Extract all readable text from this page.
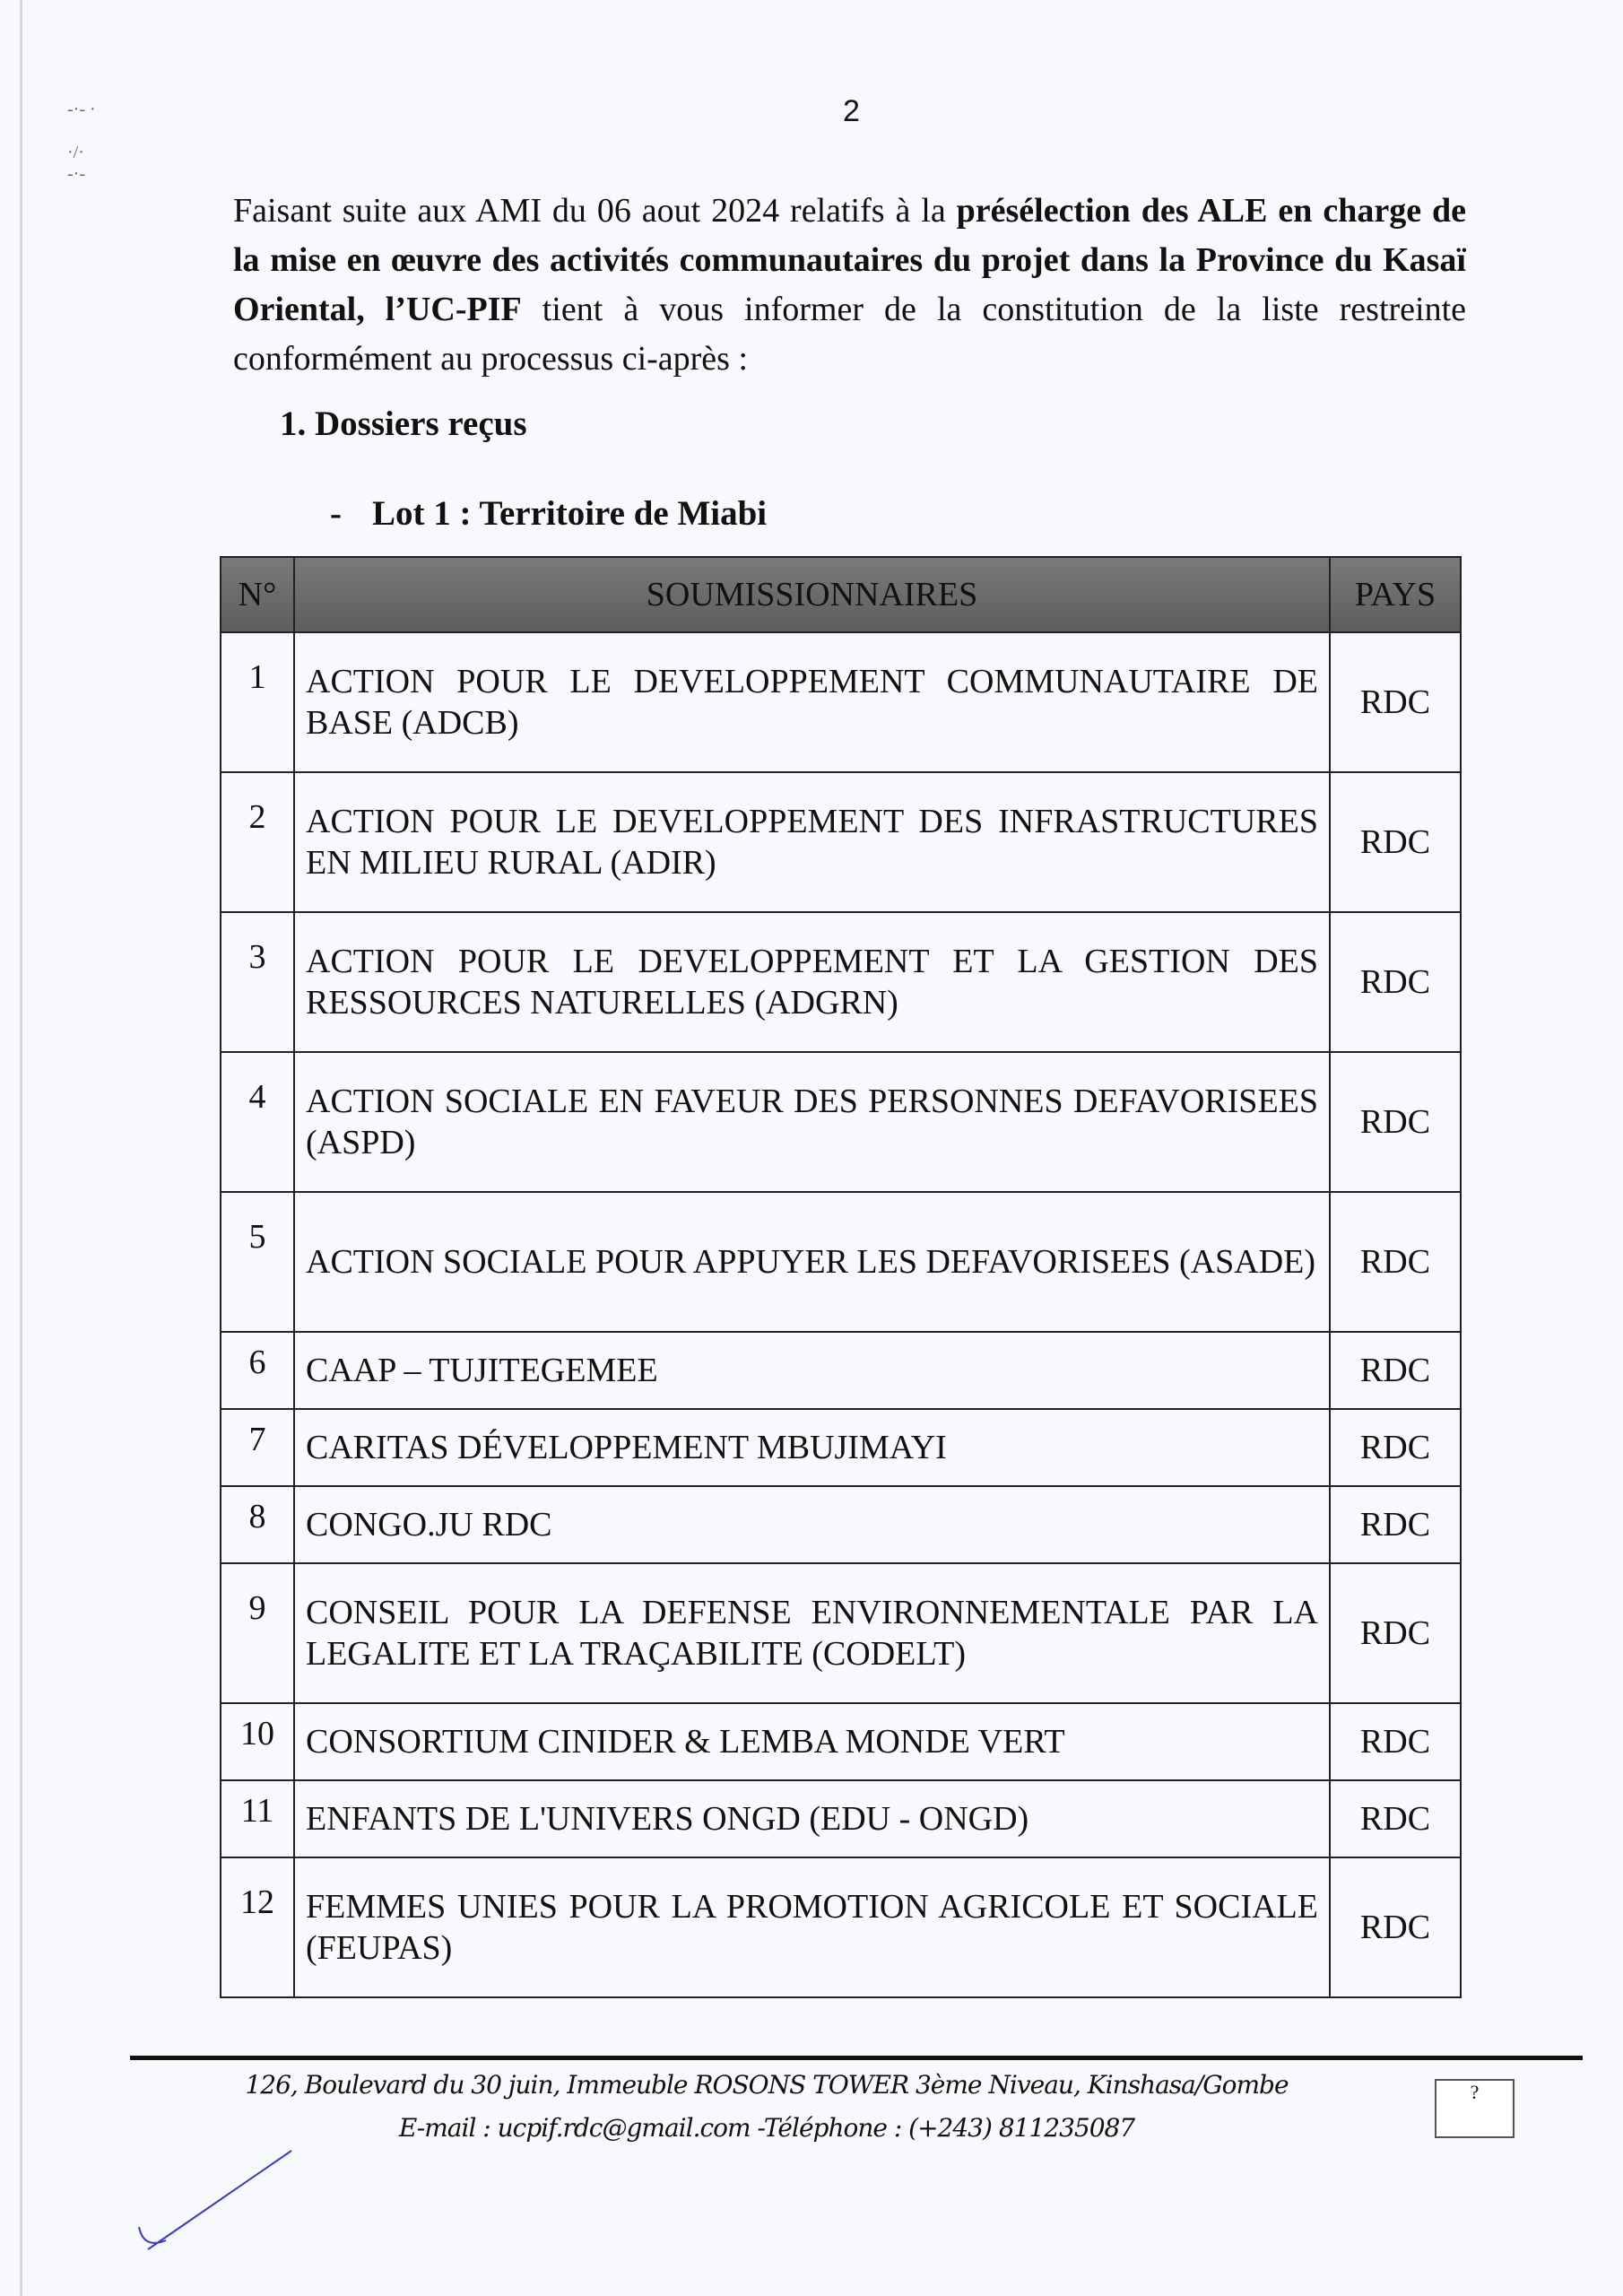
-·- ·

·/·
-·-
2

Faisant suite aux AMI du 06 aout 2024 relatifs à la présélection des ALE en charge de la mise en œuvre des activités communautaires du projet dans la Province du Kasaï Oriental, l’UC-PIF tient à vous informer de la constitution de la liste restreinte conformément au processus ci-après :

1. Dossiers reçus
- Lot 1 : Territoire de Miabi
N°	SOUMISSIONNAIRES	PAYS
1	ACTION POUR LE DEVELOPPEMENT COMMUNAUTAIRE DE BASE (ADCB)	RDC
2	ACTION POUR LE DEVELOPPEMENT DES INFRASTRUCTURES EN MILIEU RURAL (ADIR)	RDC
3	ACTION POUR LE DEVELOPPEMENT ET LA GESTION DES RESSOURCES NATURELLES (ADGRN)	RDC
4	ACTION SOCIALE EN FAVEUR DES PERSONNES DEFAVORISEES (ASPD)	RDC
5	ACTION SOCIALE POUR APPUYER LES DEFAVORISEES (ASADE)	RDC
6	CAAP – TUJITEGEMEE	RDC
7	CARITAS DÉVELOPPEMENT MBUJIMAYI	RDC
8	CONGO.JU RDC	RDC
9	CONSEIL POUR LA DEFENSE ENVIRONNEMENTALE PAR LA LEGALITE ET LA TRAÇABILITE (CODELT)	RDC
10	CONSORTIUM CINIDER & LEMBA MONDE VERT	RDC
11	ENFANTS DE L'UNIVERS ONGD (EDU - ONGD)	RDC
12	FEMMES UNIES POUR LA PROMOTION AGRICOLE ET SOCIALE (FEUPAS)	RDC
126, Boulevard du 30 juin, Immeuble ROSONS TOWER 3ème Niveau, Kinshasa/Gombe
E-mail : ucpif.rdc@gmail.com -Téléphone : (+243) 811235087
?
